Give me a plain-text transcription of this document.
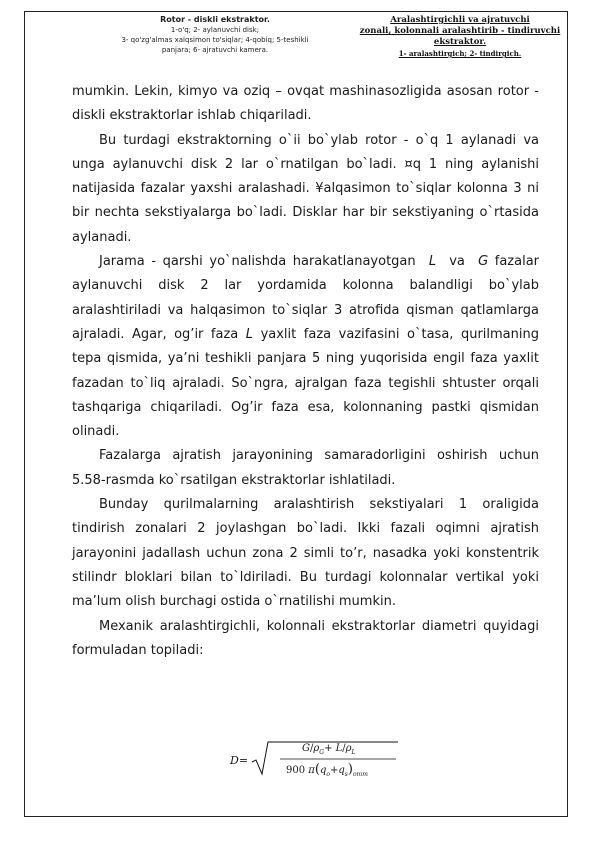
Rotor - diskli ekstraktor.
1-o'q; 2- aylanuvchi disk;
3- qo'zg'almas xalqsimon to'siqlar; 4-qobiq; 5-teshikli
panjara; 6- ajratuvchi kamera.
Aralashtirgichli va ajratuvchi
zonali, kolonnali aralashtirib - tindiruvchi
ekstraktor.
1- aralashtirgich; 2- tindirgich.

mumkin. Lekin, kimyo va oziq – ovqat mashinasozligida asosan rotor - diskli ekstraktorlar ishlab chiqariladi.

Bu turdagi ekstraktorning o`ii bo`ylab rotor - o`q 1 aylanadi va unga aylanuvchi disk 2 lar o`rnatilgan bo`ladi. ¤q 1 ning aylanishi natijasida fazalar yaxshi aralashadi. ¥alqasimon to`siqlar kolonna 3 ni bir nechta sekstiyalarga bo`ladi. Disklar har bir sekstiyaning o`rtasida aylanadi.

Jarama - qarshi yo`nalishda harakatlanayotgan L va G fazalar aylanuvchi disk 2 lar yordamida kolonna balandligi bo`ylab aralashtiriladi va halqasimon to`siqlar 3 atrofida qisman qatlamlarga ajraladi. Agar, og’ir faza L yaxlit faza vazifasini o`tasa, qurilmaning tepa qismida, ya’ni teshikli panjara 5 ning yuqorisida engil faza yaxlit fazadan to`liq ajraladi. So`ngra, ajralgan faza tegishli shtuster orqali tashqariga chiqariladi. Og’ir faza esa, kolonnaning pastki qismidan olinadi.

Fazalarga ajratish jarayonining samaradorligini oshirish uchun 5.58-rasmda ko`rsatilgan ekstraktorlar ishlatiladi.

Bunday qurilmalarning aralashtirish sekstiyalari 1 oraligida tindirish zonalari 2 joylashgan bo`ladi. Ikki fazali oqimni ajratish jarayonini jadallash uchun zona 2 simli to’r, nasadka yoki konstentrik stilindr bloklari bilan to`ldiriladi. Bu turdagi kolonnalar vertikal yoki ma’lum olish burchagi ostida o`rnatilishi mumkin.

Mexanik aralashtirgichli, kolonnali ekstraktorlar diametri quyidagi formuladan topiladi:

D=
$G/\rho_G+ L/\rho_L$
900 $\pi(q_o+q_s)_{omm}$
